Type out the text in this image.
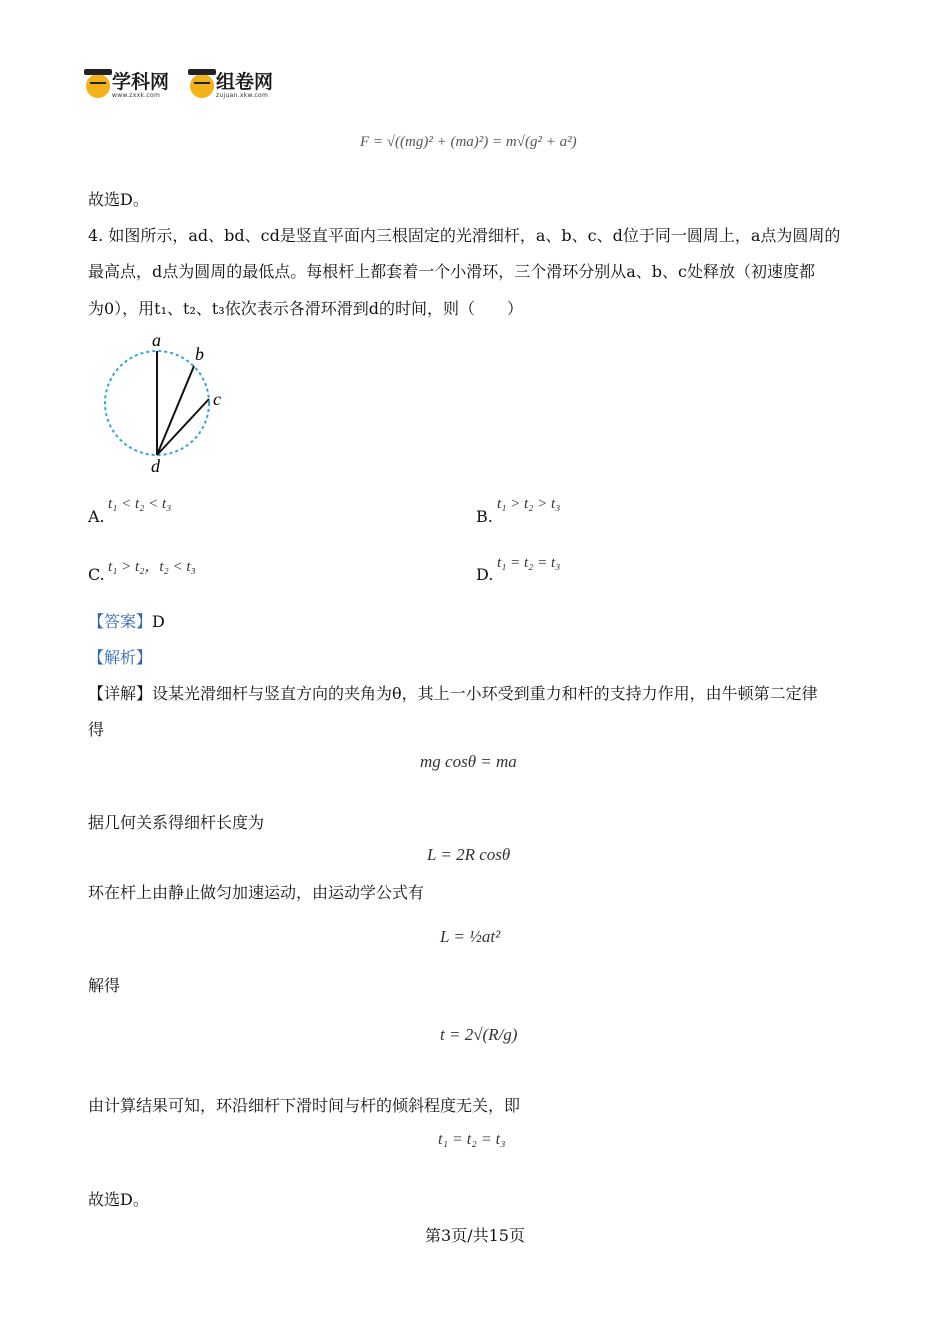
学科网
www.zxxk.com
组卷网
zujuan.xkw.com
F = √((mg)² + (ma)²) = m√(g² + a²)
故选D。
4. 如图所示，ad、bd、cd是竖直平面内三根固定的光滑细杆，a、b、c、d位于同一圆周上，a点为圆周的
最高点，d点为圆周的最低点。每根杆上都套着一个小滑环，三个滑环分别从a、b、c处释放（初速度都
为0），用t₁、t₂、t₃依次表示各滑环滑到d的时间，则（　　）
a
b
c
d
A.
t₁ < t₂ < t₃
B.
t₁ > t₂ > t₃
C. t₁ > t₂，t₂ < t₃	D.
t₁ = t₂ = t₃
【答案】D
【解析】
【详解】设某光滑细杆与竖直方向的夹角为θ，其上一小环受到重力和杆的支持力作用，由牛顿第二定律
得
mg cosθ = ma
据几何关系得细杆长度为
L = 2R cosθ
环在杆上由静止做匀加速运动，由运动学公式有
L = ½at²
解得
t = 2√(R/g)
由计算结果可知，环沿细杆下滑时间与杆的倾斜程度无关，即
t₁ = t₂ = t₃
故选D。
第3页/共15页
